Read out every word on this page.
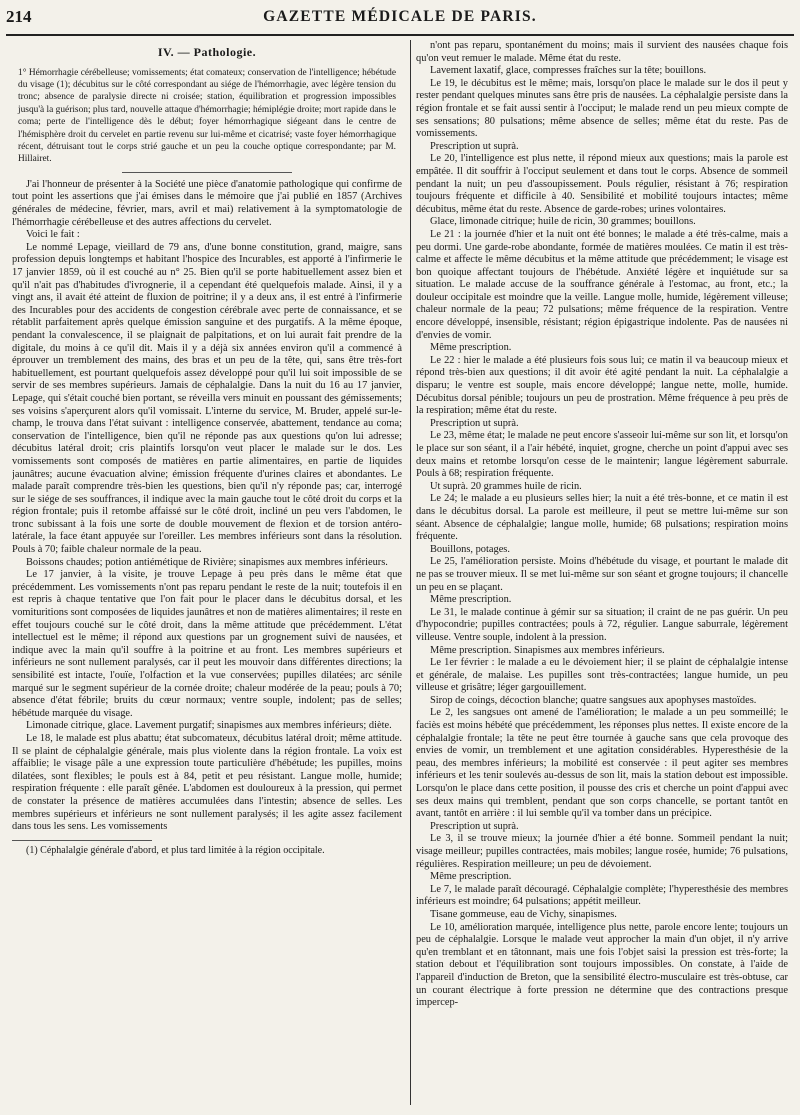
214	GAZETTE MÉDICALE DE PARIS.

IV. — Pathologie.

1° Hémorrhagie cérébelleuse; vomissements; état comateux; conservation de l'intelligence; hébétude du visage (1); décubitus sur le côté correspondant au siége de l'hémorrhagie, avec légère tension du tronc; absence de paralysie directe ni croisée; station, équilibration et progression impossibles jusqu'à la guérison; plus tard, nouvelle attaque d'hémorrhagie; hémiplégie droite; mort rapide dans le coma; perte de l'intelligence dès le début; foyer hémorrhagique siégeant dans le centre de l'hémisphère droit du cervelet en partie revenu sur lui-même et cicatrisé; vaste foyer hémorrhagique récent, détruisant tout le corps strié gauche et un peu la couche optique correspondante; par M. Hillairet.

J'ai l'honneur de présenter à la Société une pièce d'anatomie pathologique qui confirme de tout point les assertions que j'ai émises dans le mémoire que j'ai publié en 1857 (Archives générales de médecine, février, mars, avril et mai) relativement à la symptomatologie de l'hémorrhagie cérébelleuse et des autres affections du cervelet.

Voici le fait :

Le nommé Lepage, vieillard de 79 ans, d'une bonne constitution, grand, maigre, sans profession depuis longtemps et habitant l'hospice des Incurables, est apporté à l'infirmerie le 17 janvier 1859, où il est couché au n° 25. Bien qu'il se porte habituellement assez bien et qu'il n'ait pas d'habitudes d'ivrognerie, il a cependant été quelquefois malade. Ainsi, il y a vingt ans, il avait été atteint de fluxion de poitrine; il y a deux ans, il est entré à l'infirmerie des Incurables pour des accidents de congestion cérébrale avec perte de connaissance, et se rétablit parfaitement après quelque émission sanguine et des purgatifs. A la même époque, pendant la convalescence, il se plaignait de palpitations, et on lui aurait fait prendre de la digitale, du moins à ce qu'il dit. Mais il y a déjà six années environ qu'il a commencé à éprouver un tremblement des mains, des bras et un peu de la tête, qui, sans être très-fort habituellement, est pourtant quelquefois assez développé pour qu'il lui soit impossible de se servir de ses membres supérieurs. Jamais de céphalalgie. Dans la nuit du 16 au 17 janvier, Lepage, qui s'était couché bien portant, se réveilla vers minuit en poussant des gémissements; ses voisins s'aperçurent alors qu'il vomissait. L'interne du service, M. Bruder, appelé sur-le-champ, le trouva dans l'état suivant : intelligence conservée, abattement, tendance au coma; conservation de l'intelligence, bien qu'il ne réponde pas aux questions qu'on lui adresse; décubitus latéral droit; cris plaintifs lorsqu'on veut placer le malade sur le dos. Les vomissements sont composés de matières en partie alimentaires, en partie de liquides jaunâtres; aucune évacuation alvine; émission fréquente d'urines claires et abondantes. Le malade paraît comprendre très-bien les questions, bien qu'il n'y réponde pas; car, interrogé sur le siége de ses souffrances, il indique avec la main gauche tout le côté droit du corps et la région frontale; puis il retombe affaissé sur le côté droit, incliné un peu vers l'abdomen, le tronc subissant à la fois une sorte de double mouvement de flexion et de torsion antéro-latérale, la face étant appuyée sur l'oreiller. Les membres inférieurs sont dans la résolution. Pouls à 70; faible chaleur normale de la peau.

Boissons chaudes; potion antiémétique de Rivière; sinapismes aux membres inférieurs.

Le 17 janvier, à la visite, je trouve Lepage à peu près dans le même état que précédemment. Les vomissements n'ont pas reparu pendant le reste de la nuit; toutefois il en est repris à chaque tentative que l'on fait pour le placer dans le décubitus dorsal, et les vomituritions sont composées de liquides jaunâtres et non de matières alimentaires; il reste en effet toujours couché sur le côté droit, dans la même attitude que précédemment. L'état intellectuel est le même; il répond aux questions par un grognement suivi de nausées, et indique avec la main qu'il souffre à la poitrine et au front. Les membres supérieurs et inférieurs ne sont nullement paralysés, car il peut les mouvoir dans différentes directions; la sensibilité est intacte, l'ouïe, l'olfaction et la vue conservées; pupilles dilatées; arc sénile marqué sur le segment supérieur de la cornée droite; chaleur modérée de la peau; pouls à 70; absence d'état fébrile; bruits du cœur normaux; ventre souple, indolent; pas de selles; hébétude marquée du visage.

Limonade citrique, glace. Lavement purgatif; sinapismes aux membres inférieurs; diète.

Le 18, le malade est plus abattu; état subcomateux, décubitus latéral droit; même attitude. Il se plaint de céphalalgie générale, mais plus violente dans la région frontale. La voix est affaiblie; le visage pâle a une expression toute particulière d'hébétude; les pupilles, moins dilatées, sont flexibles; le pouls est à 84, petit et peu résistant. Langue molle, humide; respiration fréquente : elle paraît gênée. L'abdomen est douloureux à la pression, qui permet de constater la présence de matières accumulées dans l'intestin; absence de selles. Les membres supérieurs et inférieurs ne sont nullement paralysés; il les agite assez facilement dans tous les sens. Les vomissements

(1) Céphalalgie générale d'abord, et plus tard limitée à la région occipitale.

n'ont pas reparu, spontanément du moins; mais il survient des nausées chaque fois qu'on veut remuer le malade. Même état du reste.

Lavement laxatif, glace, compresses fraîches sur la tête; bouillons.

Le 19, le décubitus est le même; mais, lorsqu'on place le malade sur le dos il peut y rester pendant quelques minutes sans être pris de nausées. La céphalalgie persiste dans la région frontale et se fait aussi sentir à l'occiput; le malade rend un peu mieux compte de ses sensations; 80 pulsations; même absence de selles; même état du reste. Pas de vomissements.

Prescription ut suprà.

Le 20, l'intelligence est plus nette, il répond mieux aux questions; mais la parole est empâtée. Il dit souffrir à l'occiput seulement et dans tout le corps. Absence de sommeil pendant la nuit; un peu d'assoupissement. Pouls régulier, résistant à 76; respiration toujours fréquente et difficile à 40. Sensibilité et mobilité toujours intactes; même décubitus, même état du reste. Absence de garde-robes; urines volontaires.

Glace, limonade citrique; huile de ricin, 30 grammes; bouillons.

Le 21 : la journée d'hier et la nuit ont été bonnes; le malade a été très-calme, mais a peu dormi. Une garde-robe abondante, formée de matières moulées. Ce matin il est très-calme et affecte le même décubitus et la même attitude que précédemment; le visage est bon quoique affectant toujours de l'hébétude. Anxiété légère et inquiétude sur sa situation. Le malade accuse de la souffrance générale à l'estomac, au front, etc.; la douleur occipitale est moindre que la veille. Langue molle, humide, légèrement villeuse; chaleur normale de la peau; 72 pulsations; même fréquence de la respiration. Ventre encore développé, insensible, résistant; région épigastrique indolente. Pas de nausées ni d'envies de vomir.

Même prescription.

Le 22 : hier le malade a été plusieurs fois sous lui; ce matin il va beaucoup mieux et répond très-bien aux questions; il dit avoir été agité pendant la nuit. La céphalalgie a disparu; le ventre est souple, mais encore développé; langue nette, molle, humide. Décubitus dorsal pénible; toujours un peu de prostration. Même fréquence à peu près de la respiration; même état du reste.

Prescription ut suprà.

Le 23, même état; le malade ne peut encore s'asseoir lui-même sur son lit, et lorsqu'on le place sur son séant, il a l'air hébété, inquiet, grogne, cherche un point d'appui avec ses deux mains et retombe lorsqu'on cesse de le maintenir; langue légèrement saburrale. Pouls à 68; respiration fréquente.

Ut suprà. 20 grammes huile de ricin.

Le 24; le malade a eu plusieurs selles hier; la nuit a été très-bonne, et ce matin il est dans le décubitus dorsal. La parole est meilleure, il peut se mettre lui-même sur son séant. Absence de céphalalgie; langue molle, humide; 68 pulsations; respiration moins fréquente.

Bouillons, potages.

Le 25, l'amélioration persiste. Moins d'hébétude du visage, et pourtant le malade dit ne pas se trouver mieux. Il se met lui-même sur son séant et grogne toujours; il chancelle un peu en se plaçant.

Même prescription.

Le 31, le malade continue à gémir sur sa situation; il craint de ne pas guérir. Un peu d'hypocondrie; pupilles contractées; pouls à 72, régulier. Langue saburrale, légèrement villeuse. Ventre souple, indolent à la pression.

Même prescription. Sinapismes aux membres inférieurs.

Le 1er février : le malade a eu le dévoiement hier; il se plaint de céphalalgie intense et générale, de malaise. Les pupilles sont très-contractées; langue humide, un peu villeuse et grisâtre; léger gargouillement.

Sirop de coings, décoction blanche; quatre sangsues aux apophyses mastoïdes.

Le 2, les sangsues ont amené de l'amélioration; le malade a un peu sommeillé; le faciès est moins hébété que précédemment, les réponses plus nettes. Il existe encore de la céphalalgie frontale; la tête ne peut être tournée à gauche sans que cela provoque des envies de vomir, un tremblement et une agitation considérables. Hyperesthésie de la peau, des membres inférieurs; la mobilité est conservée : il peut agiter ses membres inférieurs et les tenir soulevés au-dessus de son lit, mais la station debout est impossible. Lorsqu'on le place dans cette position, il pousse des cris et cherche un point d'appui avec ses deux mains qui tremblent, pendant que son corps chancelle, se portant tantôt en avant, tantôt en arrière : il lui semble qu'il va tomber dans un précipice.

Prescription ut suprà.

Le 3, il se trouve mieux; la journée d'hier a été bonne. Sommeil pendant la nuit; visage meilleur; pupilles contractées, mais mobiles; langue rosée, humide; 76 pulsations, régulières. Respiration meilleure; un peu de dévoiement.

Même prescription.

Le 7, le malade paraît découragé. Céphalalgie complète; l'hyperesthésie des membres inférieurs est moindre; 64 pulsations; appétit meilleur.

Tisane gommeuse, eau de Vichy, sinapismes.

Le 10, amélioration marquée, intelligence plus nette, parole encore lente; toujours un peu de céphalalgie. Lorsque le malade veut approcher la main d'un objet, il n'y arrive qu'en tremblant et en tâtonnant, mais une fois l'objet saisi la pression est très-forte; la station debout et l'équilibration sont toujours impossibles. On constate, à l'aide de l'appareil d'induction de Breton, que la sensibilité électro-musculaire est très-obtuse, car un courant électrique à forte pression ne détermine que des contractions presque impercep-
